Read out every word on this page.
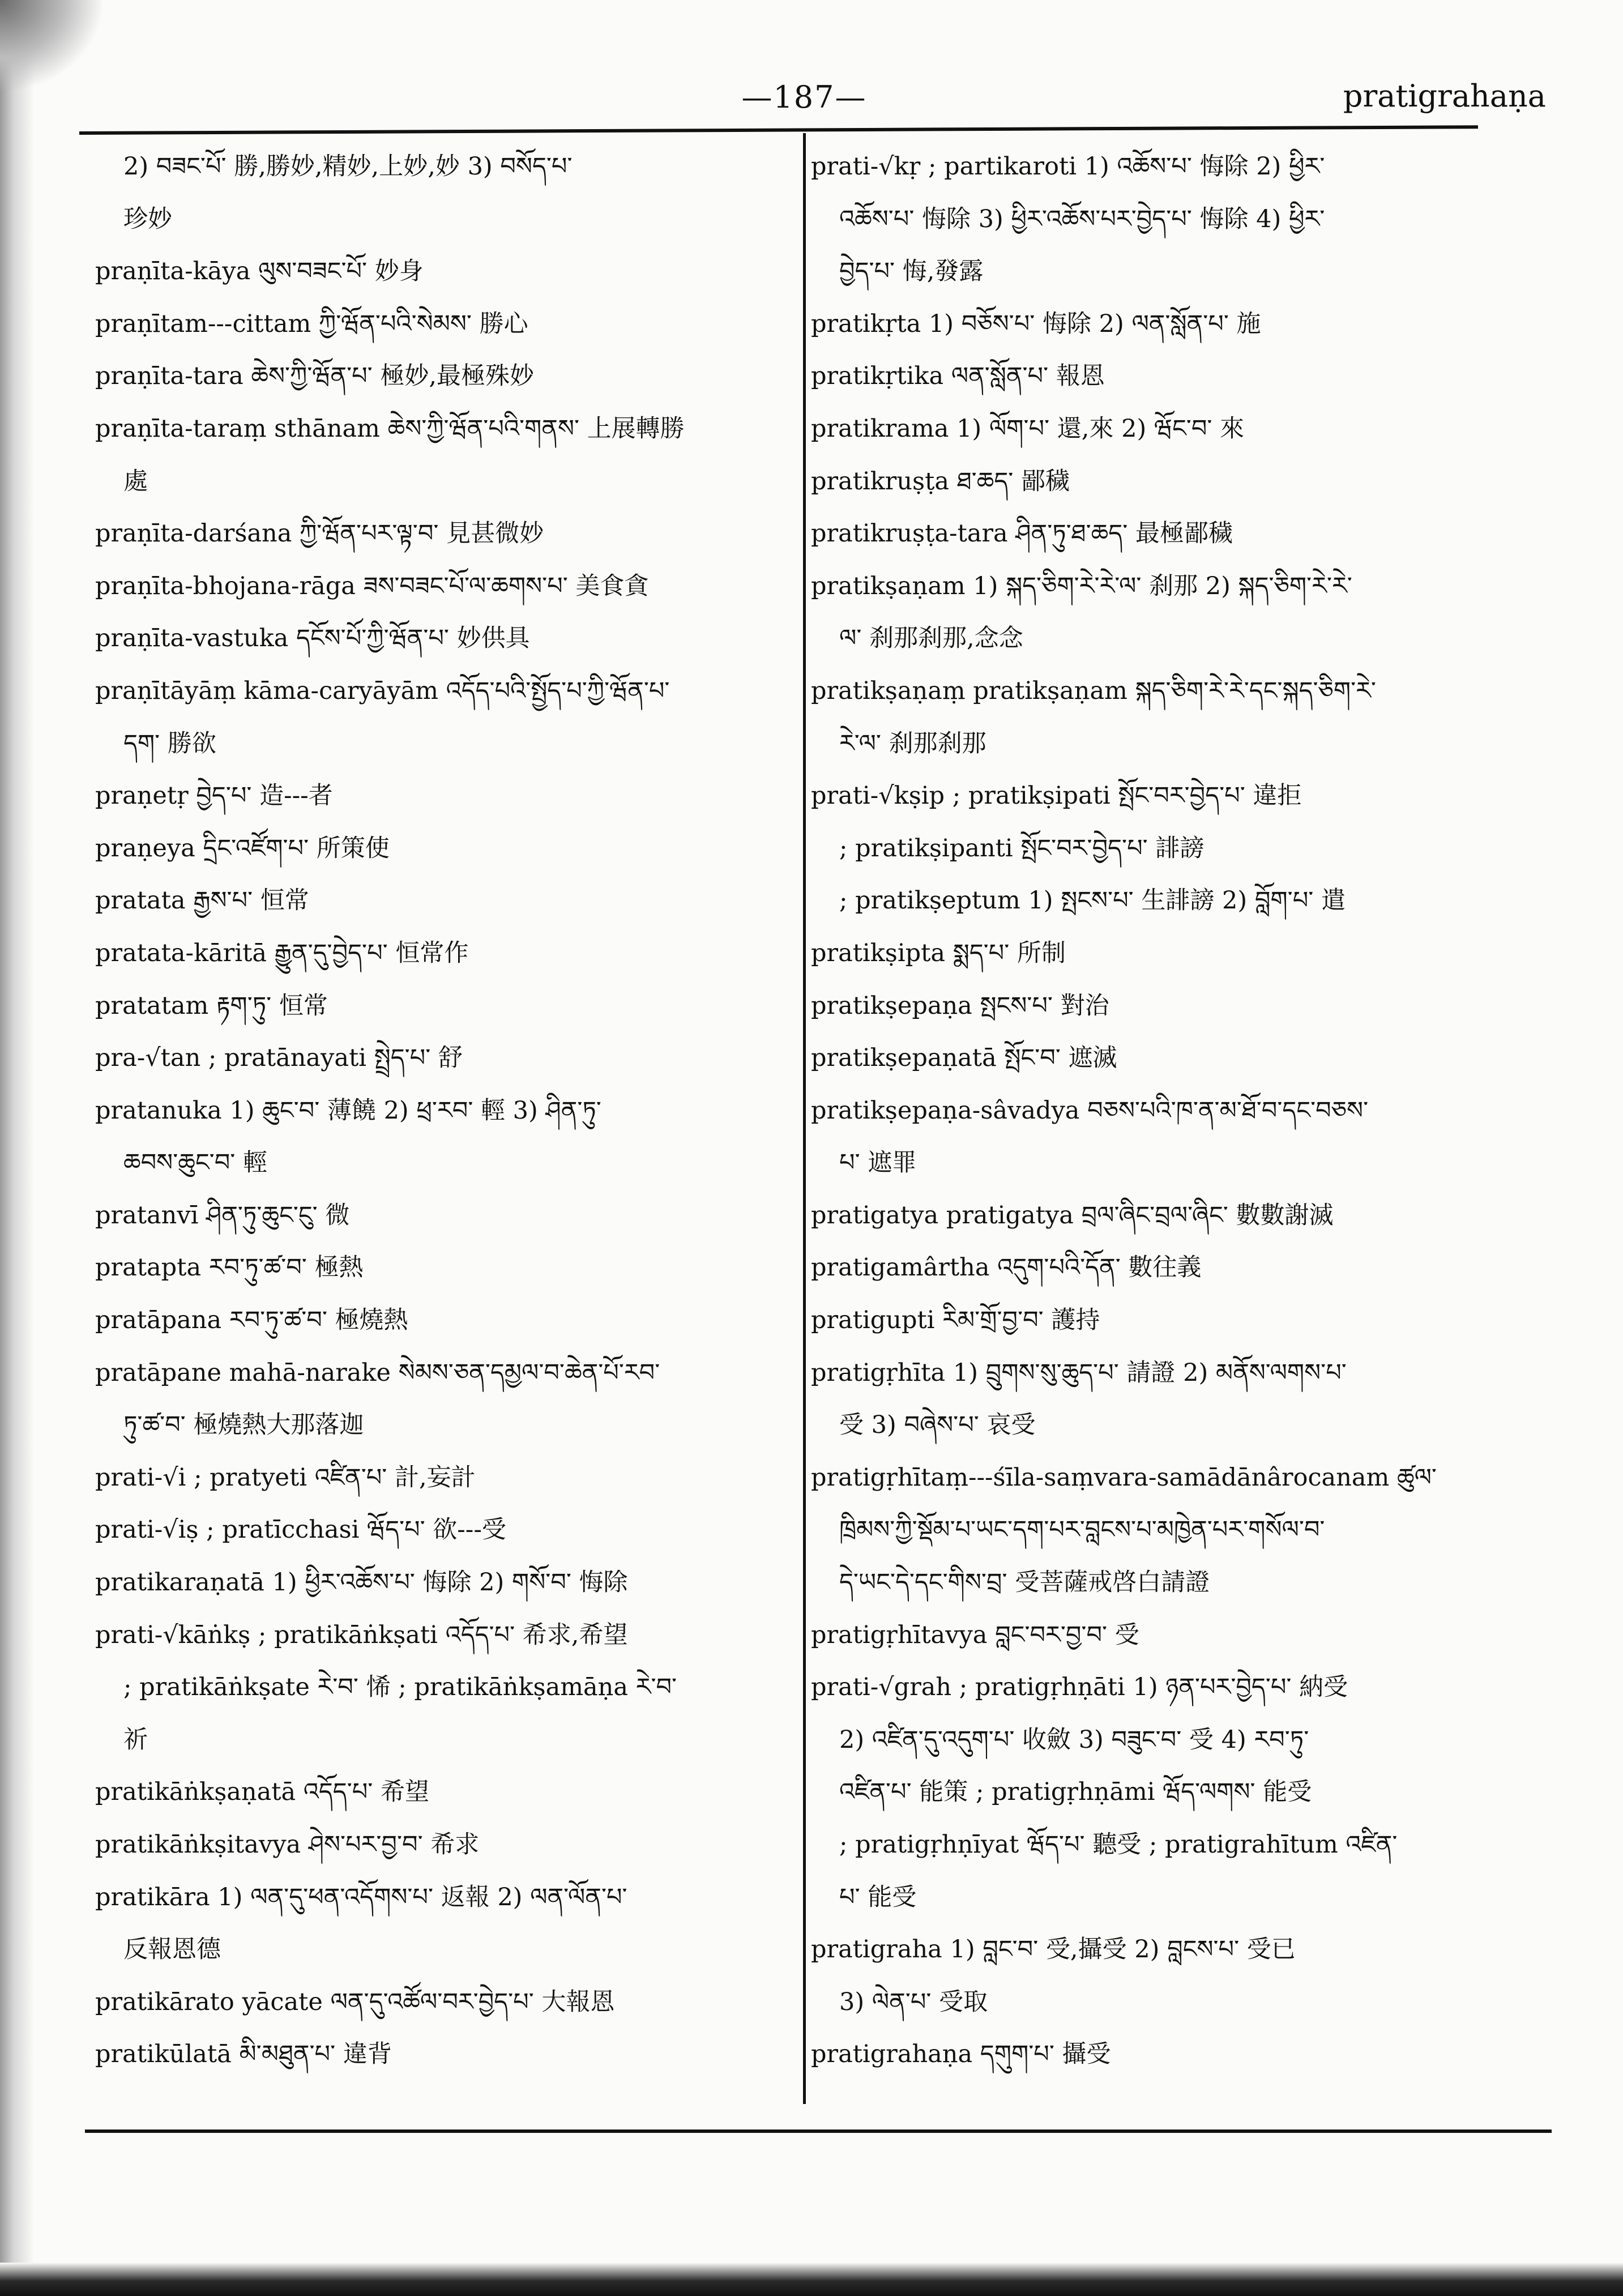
—187—	pratigrahaṇa
2) བཟང་པོ་ 勝,勝妙,精妙,上妙,妙 3) བསོད་པ་
珍妙
praṇīta-kāya ལུས་བཟང་པོ་ 妙身
praṇītam---cittam ཀྱི་ཝོན་པའི་སེམས་ 勝心
praṇīta-tara ཆེས་ཀྱི་ཝོན་པ་ 極妙,最極殊妙
praṇīta-taraṃ sthānam ཆེས་ཀྱི་ཝོན་པའི་གནས་ 上展轉勝
處
praṇīta-darśana ཀྱི་ཝོན་པར་ལྟ་བ་ 見甚微妙
praṇīta-bhojana-rāga ཟས་བཟང་པོ་ལ་ཆགས་པ་ 美食貪
praṇīta-vastuka དངོས་པོ་ཀྱི་ཝོན་པ་ 妙供具
praṇītāyāṃ kāma-caryāyām འདོད་པའི་སྤྱོད་པ་ཀྱི་ཝོན་པ་
དག་ 勝欲
praṇetṛ བྱེད་པ་ 造---者
praṇeya དྲིང་འཛོག་པ་ 所策使
pratata རྒྱས་པ་ 恒常
pratata-kāritā རྒྱུན་དུ་བྱེད་པ་ 恒常作
pratatam རྟག་ཏུ་ 恒常
pra-√tan ; pratānayati སྤྲེད་པ་ 舒
pratanuka 1) ཆུང་བ་ 薄饒 2) ཕྲ་རབ་ 輕 3) ཤིན་ཏུ་
ཆབས་ཆུང་བ་ 輕
pratanvī ཤིན་ཏུ་ཆུང་ངུ་ 微
pratapta རབ་ཏུ་ཚ་བ་ 極熱
pratāpana རབ་ཏུ་ཚ་བ་ 極燒熱
pratāpane mahā-narake སེམས་ཅན་དམྱལ་བ་ཆེན་པོ་རབ་
ཏུ་ཚ་བ་ 極燒熱大那落迦
prati-√i ; pratyeti འཛིན་པ་ 計,妄計
prati-√iṣ ; pratīcchasi ཝོད་པ་ 欲---受
pratikaraṇatā 1) ཕྱིར་འཆོས་པ་ 悔除 2) གསོ་བ་ 悔除
prati-√kāṅkṣ ; pratikāṅkṣati འདོད་པ་ 希求,希望
; pratikāṅkṣate རེ་བ་ 悕 ; pratikāṅkṣamāṇa རེ་བ་
祈
pratikāṅkṣaṇatā འདོད་པ་ 希望
pratikāṅkṣitavya ཤེས་པར་བྱ་བ་ 希求
pratikāra 1) ལན་དུ་ཕན་འདོགས་པ་ 返報 2) ལན་ལོན་པ་
反報恩德
pratikārato yācate ལན་དུ་འཚོལ་བར་བྱེད་པ་ 大報恩
pratikūlatā མི་མཐུན་པ་ 違背
prati-√kṛ ; partikaroti 1) འཆོས་པ་ 悔除 2) ཕྱིར་
འཆོས་པ་ 悔除 3) ཕྱིར་འཆོས་པར་བྱེད་པ་ 悔除 4) ཕྱིར་
བྱེད་པ་ 悔,發露
pratikṛta 1) བཅོས་པ་ 悔除 2) ལན་སློན་པ་ 施
pratikṛtika ལན་སློན་པ་ 報恩
pratikrama 1) ལོག་པ་ 還,來 2) ཝོང་བ་ 來
pratikruṣṭa ཐ་ཆད་ 鄙穢
pratikruṣṭa-tara ཤིན་ཏུ་ཐ་ཆད་ 最極鄙穢
pratikṣaṇam 1) སྐད་ཅིག་རེ་རེ་ལ་ 刹那 2) སྐད་ཅིག་རེ་རེ་
ལ་ 刹那刹那,念念
pratikṣaṇaṃ pratikṣaṇam སྐད་ཅིག་རེ་རེ་དང་སྐད་ཅིག་རེ་
རེ་ལ་ 刹那刹那
prati-√kṣip ; pratikṣipati སྤོང་བར་བྱེད་པ་ 違拒
; pratikṣipanti སྤོང་བར་བྱེད་པ་ 誹謗
; pratikṣeptum 1) སྤངས་པ་ 生誹謗 2) བློག་པ་ 遣
pratikṣipta སྨད་པ་ 所制
pratikṣepaṇa སྤངས་པ་ 對治
pratikṣepaṇatā སྤོང་བ་ 遮滅
pratikṣepaṇa-sâvadya བཅས་པའི་ཁ་ན་མ་ཐོ་བ་དང་བཅས་
པ་ 遮罪
pratigatya pratigatya བྲལ་ཞིང་བྲལ་ཞིང་ 數數謝滅
pratigamârtha འདུག་པའི་དོན་ 數往義
pratigupti རིམ་གྲོ་བྱ་བ་ 護持
pratigṛhīta 1) བྲུགས་སུ་ཆུད་པ་ 請證 2) མནོས་ལགས་པ་
受 3) བཞེས་པ་ 哀受
pratigṛhītaṃ---śīla-saṃvara-samādānârocanam ཚུལ་
ཁྲིམས་ཀྱི་སྡོམ་པ་ཡང་དག་པར་བླངས་པ་མཁྱེན་པར་གསོལ་བ་
དེ་ཡང་དེ་དང་གིས་བྲ་ 受菩薩戒啓白請證
pratigṛhītavya བླང་བར་བྱ་བ་ 受
prati-√grah ; pratigṛhṇāti 1) ཉན་པར་བྱེད་པ་ 納受
2) འཛིན་དུ་འདུག་པ་ 收斂 3) བཟུང་བ་ 受 4) རབ་ཏུ་
འཛིན་པ་ 能策 ; pratigṛhṇāmi ཝོད་ལགས་ 能受
; pratigṛhṇīyat ཝོད་པ་ 聽受 ; pratigrahītum འཛིན་
པ་ 能受
pratigraha 1) བླང་བ་ 受,攝受 2) བླངས་པ་ 受已
3) ལེན་པ་ 受取
pratigrahaṇa དགུག་པ་ 攝受
